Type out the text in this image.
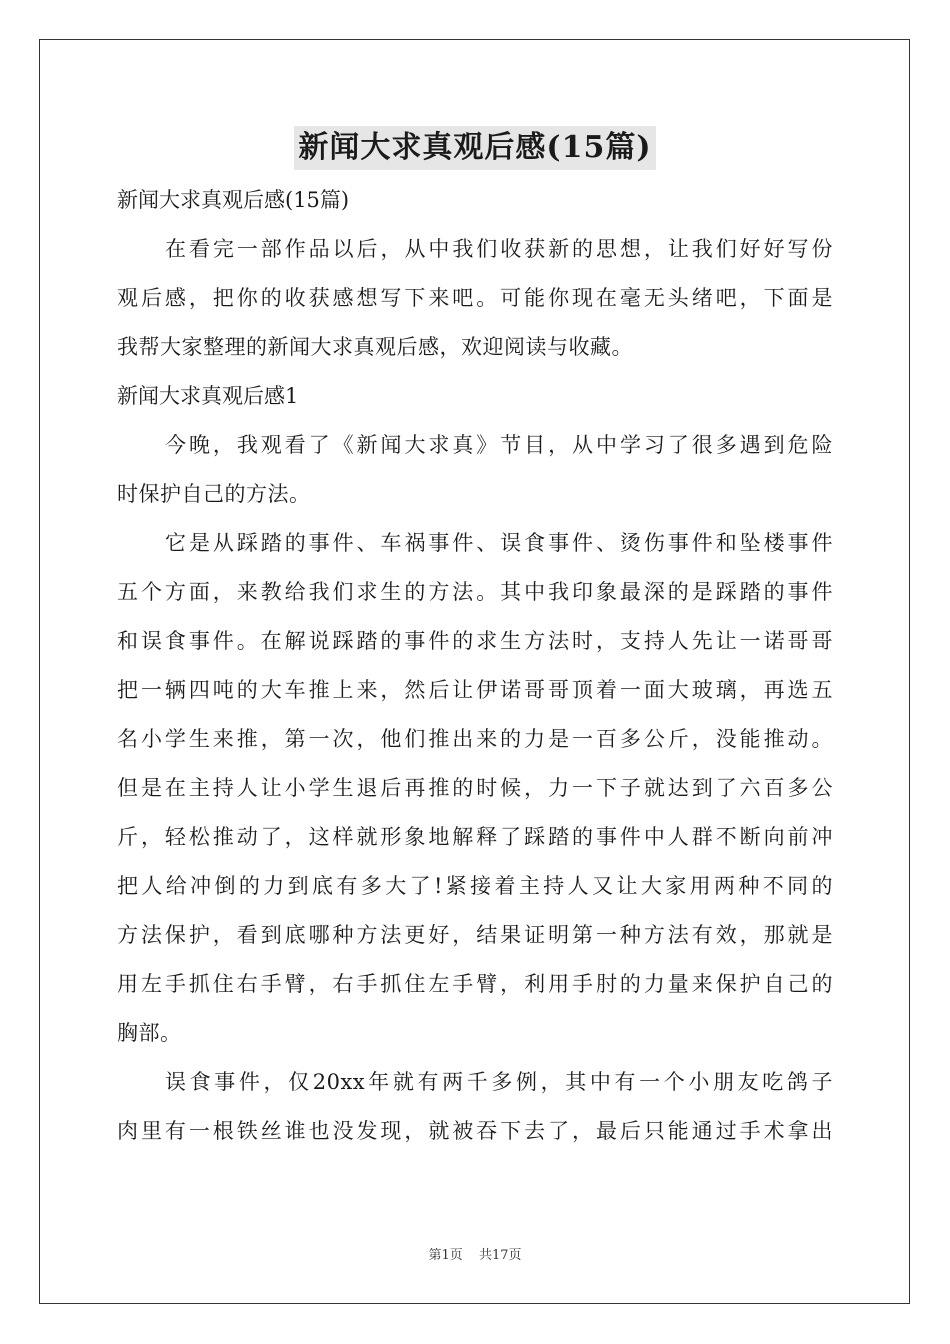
新闻大求真观后感(15篇)
新闻大求真观后感(15篇)
在看完一部作品以后，从中我们收获新的思想，让我们好好写份
观后感，把你的收获感想写下来吧。可能你现在毫无头绪吧，下面是
我帮大家整理的新闻大求真观后感，欢迎阅读与收藏。
新闻大求真观后感1
今晚，我观看了《新闻大求真》节目，从中学习了很多遇到危险
时保护自己的方法。
它是从踩踏的事件、车祸事件、误食事件、烫伤事件和坠楼事件
五个方面，来教给我们求生的方法。其中我印象最深的是踩踏的事件
和误食事件。在解说踩踏的事件的求生方法时，支持人先让一诺哥哥
把一辆四吨的大车推上来，然后让伊诺哥哥顶着一面大玻璃，再选五
名小学生来推，第一次，他们推出来的力是一百多公斤，没能推动。
但是在主持人让小学生退后再推的时候，力一下子就达到了六百多公
斤，轻松推动了，这样就形象地解释了踩踏的事件中人群不断向前冲
把人给冲倒的力到底有多大了!紧接着主持人又让大家用两种不同的
方法保护，看到底哪种方法更好，结果证明第一种方法有效，那就是
用左手抓住右手臂，右手抓住左手臂，利用手肘的力量来保护自己的
胸部。
误食事件，仅20xx年就有两千多例，其中有一个小朋友吃鸽子
肉里有一根铁丝谁也没发现，就被吞下去了，最后只能通过手术拿出
第1页 共17页
